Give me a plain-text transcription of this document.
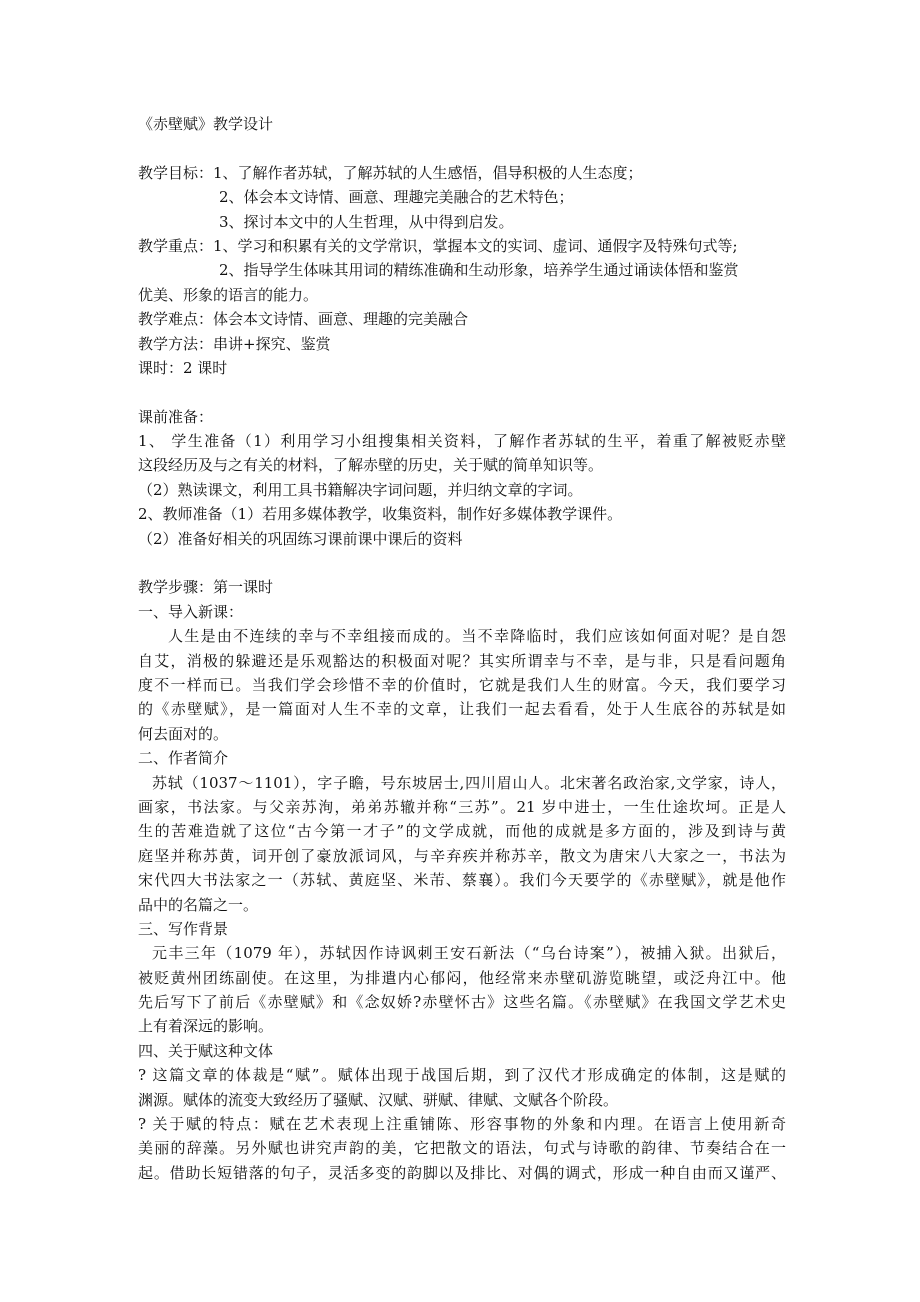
《赤壁赋》教学设计
教学目标：1、了解作者苏轼，了解苏轼的人生感悟，倡导积极的人生态度；
2、体会本文诗情、画意、理趣完美融合的艺术特色；
3、探讨本文中的人生哲理，从中得到启发。
教学重点：1、学习和积累有关的文学常识，掌握本文的实词、虚词、通假字及特殊句式等;
2、指导学生体味其用词的精练准确和生动形象，培养学生通过诵读体悟和鉴赏
优美、形象的语言的能力。
教学难点：体会本文诗情、画意、理趣的完美融合
教学方法：串讲+探究、鉴赏
课时：2 课时
课前准备：
1、 学生准备（1）利用学习小组搜集相关资料，了解作者苏轼的生平，着重了解被贬赤壁
这段经历及与之有关的材料，了解赤壁的历史，关于赋的简单知识等。
（2）熟读课文，利用工具书籍解决字词问题，并归纳文章的字词。
2、教师准备（1）若用多媒体教学，收集资料，制作好多媒体教学课件。
（2）准备好相关的巩固练习课前课中课后的资料
教学步骤：第一课时
一、导入新课：
人生是由不连续的幸与不幸组接而成的。当不幸降临时，我们应该如何面对呢？是自怨
自艾，消极的躲避还是乐观豁达的积极面对呢？其实所谓幸与不幸，是与非，只是看问题角
度不一样而已。当我们学会珍惜不幸的价值时，它就是我们人生的财富。今天，我们要学习
的《赤壁赋》，是一篇面对人生不幸的文章，让我们一起去看看，处于人生底谷的苏轼是如
何去面对的。
二、作者简介
苏轼（1037～1101），字子瞻，号东坡居士,四川眉山人。北宋著名政治家,文学家，诗人，
画家，书法家。与父亲苏洵，弟弟苏辙并称“三苏”。21 岁中进士，一生仕途坎坷。正是人
生的苦难造就了这位“古今第一才子”的文学成就，而他的成就是多方面的，涉及到诗与黄
庭坚并称苏黄，词开创了豪放派词风，与辛弃疾并称苏辛，散文为唐宋八大家之一，书法为
宋代四大书法家之一（苏轼、黄庭坚、米芾、蔡襄）。我们今天要学的《赤壁赋》，就是他作
品中的名篇之一。
三、写作背景
元丰三年（1079 年），苏轼因作诗讽刺王安石新法（“乌台诗案”），被捕入狱。出狱后，
被贬黄州团练副使。在这里，为排遣内心郁闷，他经常来赤壁矶游览眺望，或泛舟江中。他
先后写下了前后《赤壁赋》和《念奴娇?赤壁怀古》这些名篇。《赤壁赋》在我国文学艺术史
上有着深远的影响。
四、关于赋这种文体
? 这篇文章的体裁是“赋”。赋体出现于战国后期，到了汉代才形成确定的体制，这是赋的
渊源。赋体的流变大致经历了骚赋、汉赋、骈赋、律赋、文赋各个阶段。
? 关于赋的特点：赋在艺术表现上注重铺陈、形容事物的外象和内理。在语言上使用新奇
美丽的辞藻。另外赋也讲究声韵的美，它把散文的语法，句式与诗歌的韵律、节奏结合在一
起。借助长短错落的句子，灵活多变的韵脚以及排比、对偶的调式，形成一种自由而又谨严、
